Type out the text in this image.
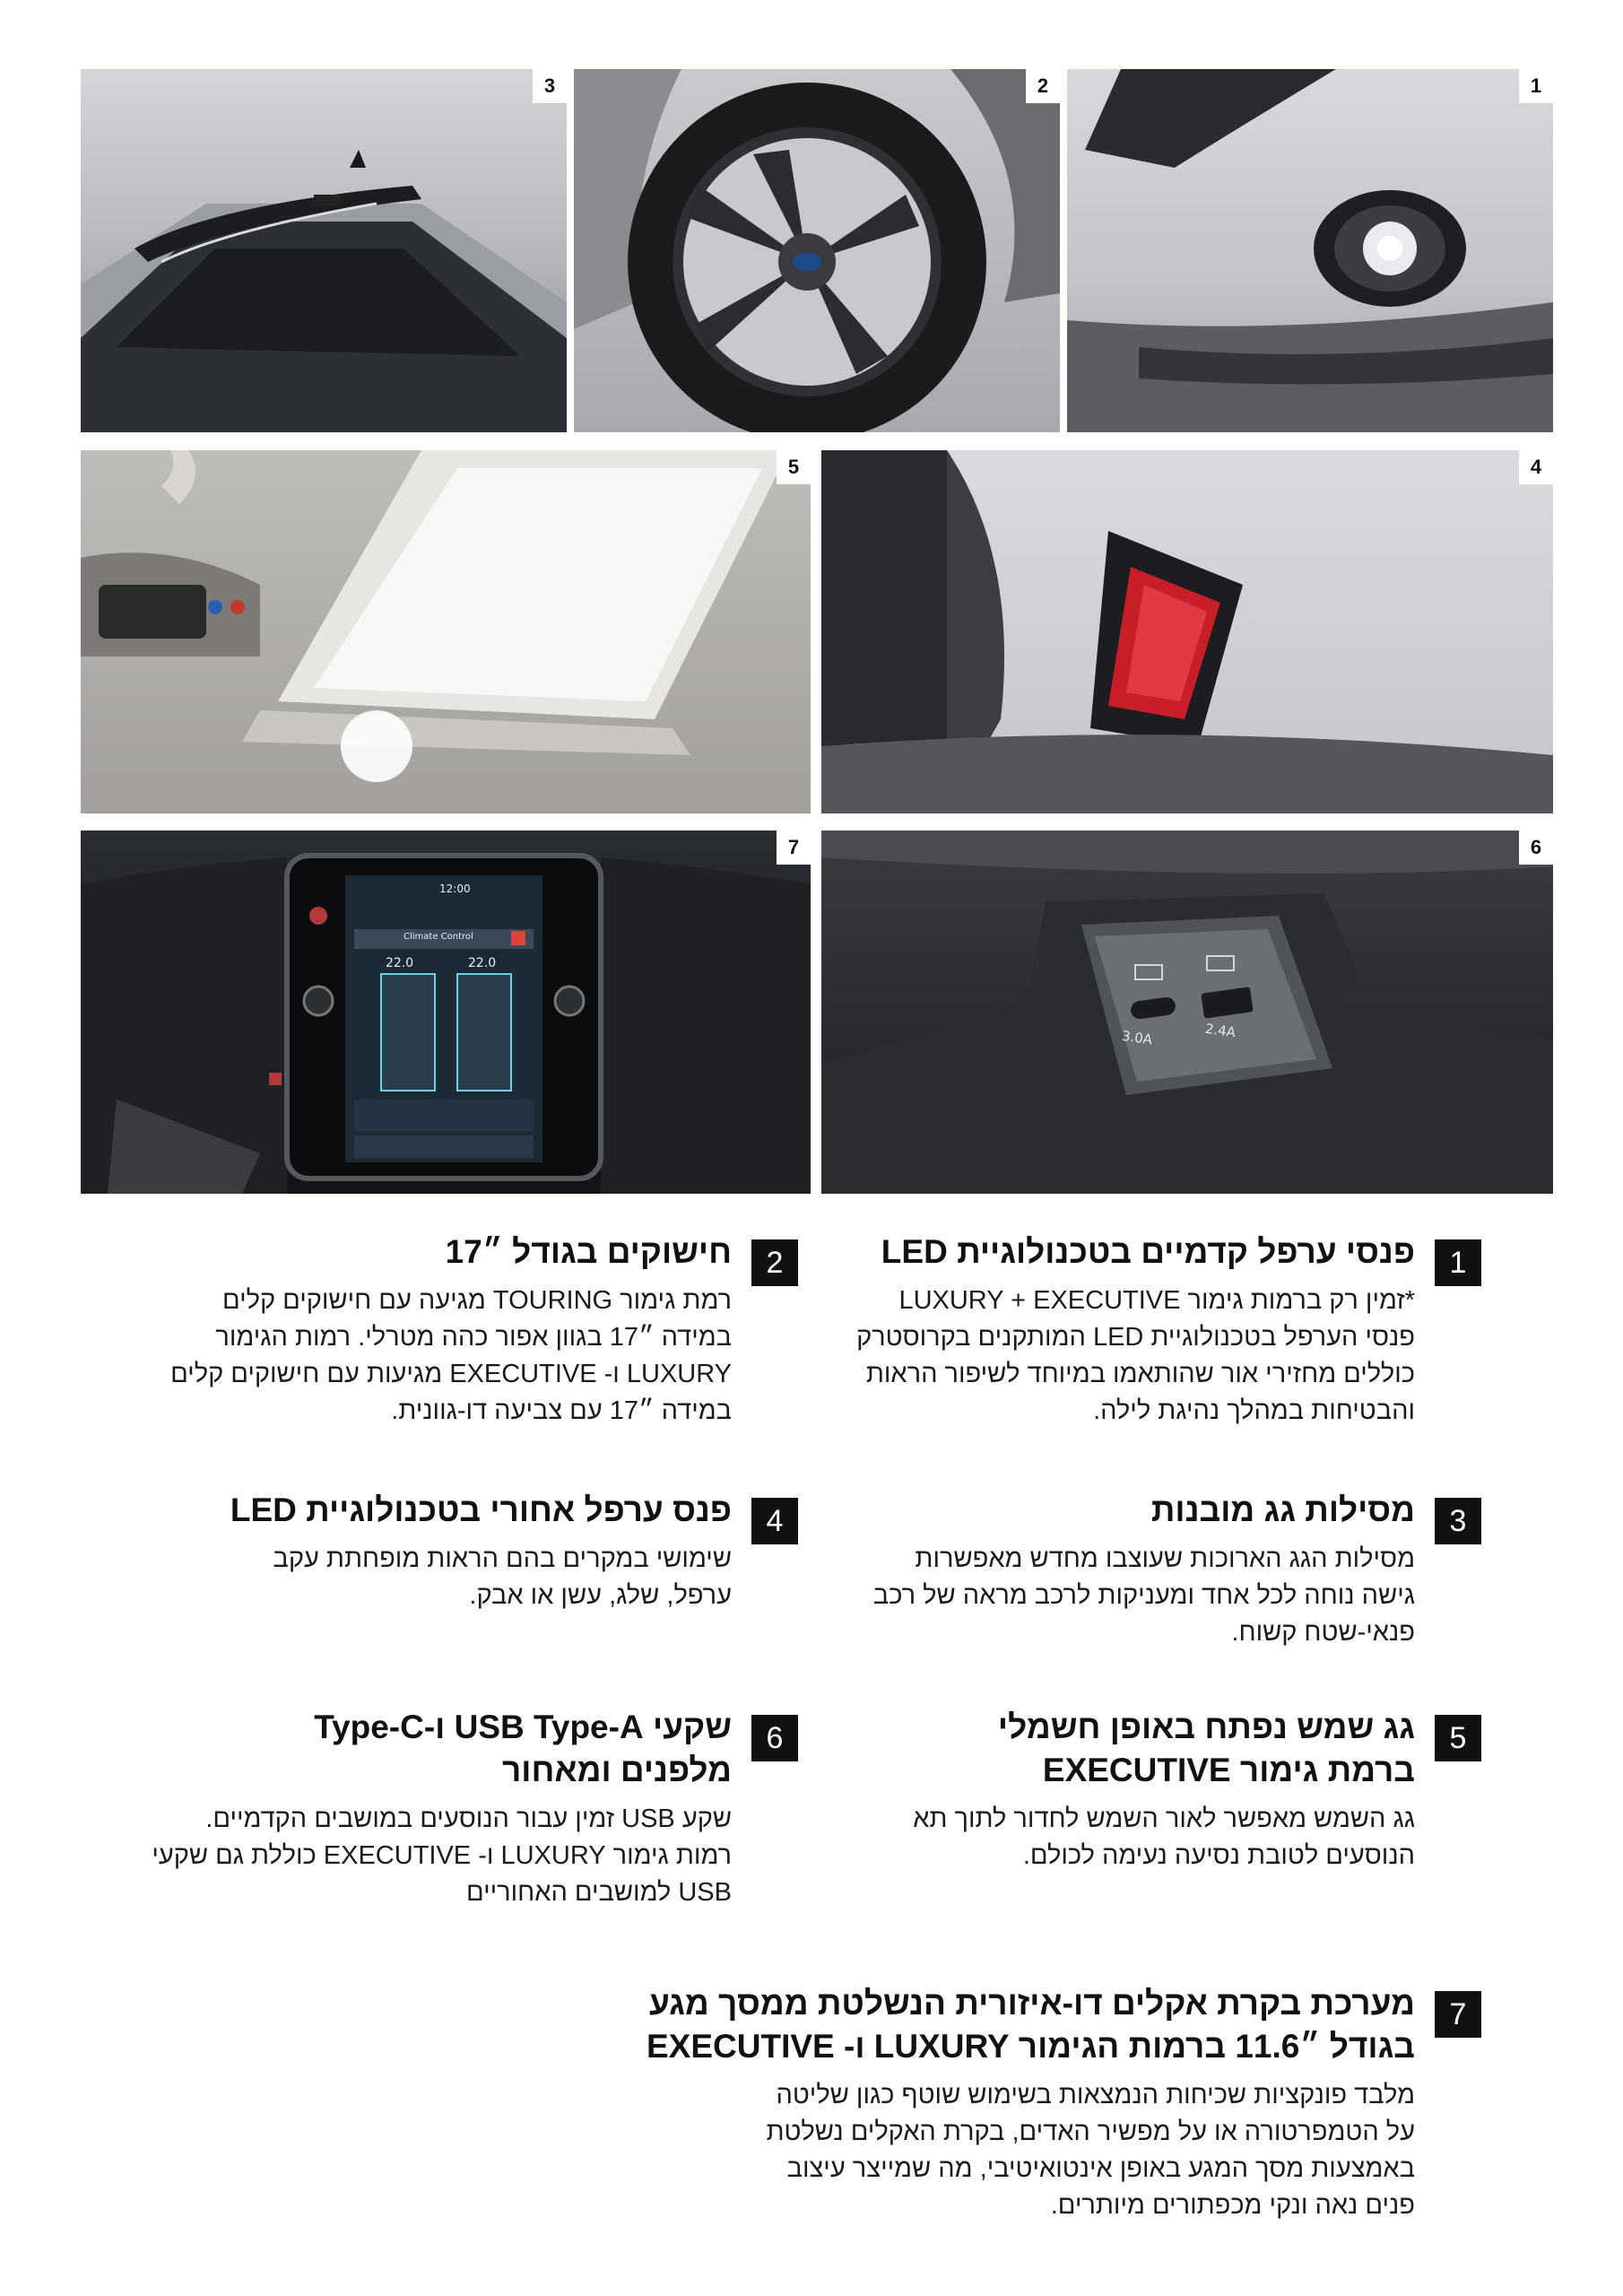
3	2	1
5	4
12:00
Climate Control
22.0	22.0
7
3.0A	2.4A
6
1
פנסי ערפל קדמיים בטכנולוגיית LED
*זמין רק ברמות גימור LUXURY + EXECUTIVE
פנסי הערפל בטכנולוגיית LED המותקנים בקרוסטרק
כוללים מחזירי אור שהותאמו במיוחד לשיפור הראות
והבטיחות במהלך נהיגת לילה.
2
חישוקים בגודל ״17
רמת גימור TOURING מגיעה עם חישוקים קלים
במידה ״17 בגוון אפור כהה מטרלי. רמות הגימור
LUXURY ו- EXECUTIVE מגיעות עם חישוקים קלים
במידה ״17 עם צביעה דו-גוונית.
3
מסילות גג מובנות
מסילות הגג הארוכות שעוצבו מחדש מאפשרות
גישה נוחה לכל אחד ומעניקות לרכב מראה של רכב
פנאי-שטח קשוח.
4
פנס ערפל אחורי בטכנולוגיית LED
שימושי במקרים בהם הראות מופחתת עקב
ערפל, שלג, עשן או אבק.
5
גג שמש נפתח באופן חשמלי ברמת גימור EXECUTIVE
גג השמש מאפשר לאור השמש לחדור לתוך תא
הנוסעים לטובת נסיעה נעימה לכולם.
6
שקעי USB Type-A ו-Type-C מלפנים ומאחור
שקע USB זמין עבור הנוסעים במושבים הקדמיים.
רמות גימור LUXURY ו- EXECUTIVE כוללת גם שקעי
USB למושבים האחוריים
7
מערכת בקרת אקלים דו-איזורית הנשלטת ממסך מגע בגודל ״11.6 ברמות הגימור LUXURY ו- EXECUTIVE
מלבד פונקציות שכיחות הנמצאות בשימוש שוטף כגון שליטה
על הטמפרטורה או על מפשיר האדים, בקרת האקלים נשלטת
באמצעות מסך המגע באופן אינטואיטיבי, מה שמייצר עיצוב
פנים נאה ונקי מכפתורים מיותרים.
